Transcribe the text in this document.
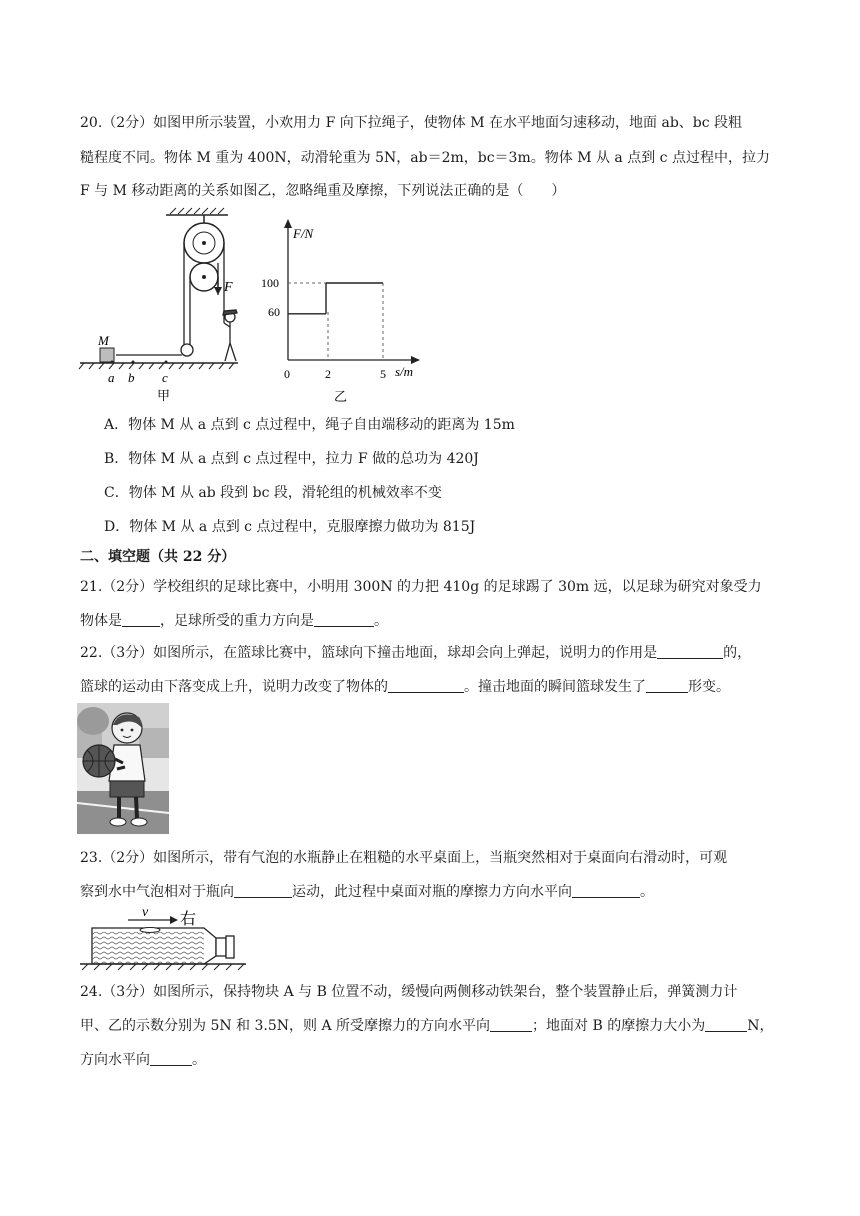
20.（2分）如图甲所示装置，小欢用力 F 向下拉绳子，使物体 M 在水平地面匀速移动，地面 ab、bc 段粗
糙程度不同。物体 M 重为 400N，动滑轮重为 5N，ab＝2m，bc＝3m。物体 M 从 a 点到 c 点过程中，拉力
F 与 M 移动距离的关系如图乙，忽略绳重及摩擦，下列说法正确的是（　　）
M
F
a b c
甲
F/N
s/m
100
60
0	2	5
乙
A．物体 M 从 a 点到 c 点过程中，绳子自由端移动的距离为 15m
B．物体 M 从 a 点到 c 点过程中，拉力 F 做的总功为 420J
C．物体 M 从 ab 段到 bc 段，滑轮组的机械效率不变
D．物体 M 从 a 点到 c 点过程中，克服摩擦力做功为 815J
二、填空题（共 22 分）
21.（2分）学校组织的足球比赛中，小明用 300N 的力把 410g 的足球踢了 30m 远，以足球为研究对象受力
物体是	，足球所受的重力方向是	。
22.（3分）如图所示，在篮球比赛中，篮球向下撞击地面，球却会向上弹起，说明力的作用是	的，
篮球的运动由下落变成上升，说明力改变了物体的	。撞击地面的瞬间篮球发生了	形变。
23.（2分）如图所示，带有气泡的水瓶静止在粗糙的水平桌面上，当瓶突然相对于桌面向右滑动时，可观
察到水中气泡相对于瓶向	运动，此过程中桌面对瓶的摩擦力方向水平向	。
v 右
24.（3分）如图所示，保持物块 A 与 B 位置不动，缓慢向两侧移动铁架台，整个装置静止后，弹簧测力计
甲、乙的示数分别为 5N 和 3.5N，则 A 所受摩擦力的方向水平向	；地面对 B 的摩擦力大小为	N，
方向水平向	。
